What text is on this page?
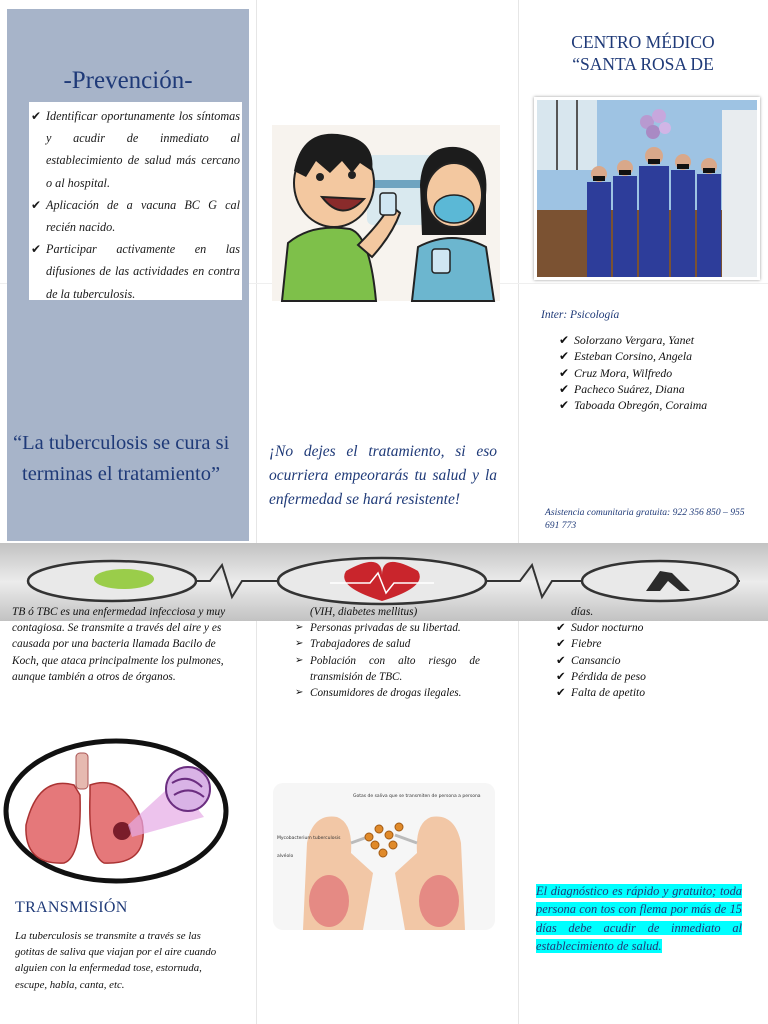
-Prevención-
✔ Identificar oportunamente los síntomas y acudir de inmediato al establecimiento de salud más cercano o al hospital.
✔ Aplicación de a vacuna BC G cal recién nacido.
✔ Participar activamente en las difusiones de las actividades en contra de la tuberculosis.
“La tuberculosis se cura si
terminas el tratamiento”
¡No dejes el tratamiento, si eso ocurriera empeorarás tu salud y la enfermedad se hará resistente!
CENTRO MÉDICO “SANTA ROSA DE
Inter: Psicología
✔ Solorzano Vergara, Yanet
✔ Esteban Corsino, Angela
✔ Cruz Mora, Wilfredo
✔ Pacheco Suárez, Diana
✔ Taboada Obregón, Coraima
Asistencia comunitaria gratuita: 922 356 850 – 955 691 773
TB ó TBC es una enfermedad infecciosa y muy contagiosa. Se transmite a través del aire y es causada por una bacteria llamada Bacilo de Koch, que ataca principalmente los pulmones, aunque también a otros de órganos.
TRANSMISIÓN
La tuberculosis se transmite a través se las gotitas de saliva que viajan por el aire cuando alguien con la enfermedad tose, estornuda, escupe, habla, canta, etc.
(VIH, diabetes mellitus)
➢ Personas privadas de su libertad.
➢ Trabajadores de salud
➢ Población con alto riesgo de transmisión de TBC.
➢ Consumidores de drogas ilegales.
Gotas de saliva que se transmiten de persona a persona
Mycobacterium tuberculosis
alvéolo
días.
✔ Sudor nocturno
✔ Fiebre
✔ Cansancio
✔ Pérdida de peso
✔ Falta de apetito
El diagnóstico es rápido y gratuito; toda persona con tos con flema por más de 15 días debe acudir de inmediato al establecimiento de salud.
